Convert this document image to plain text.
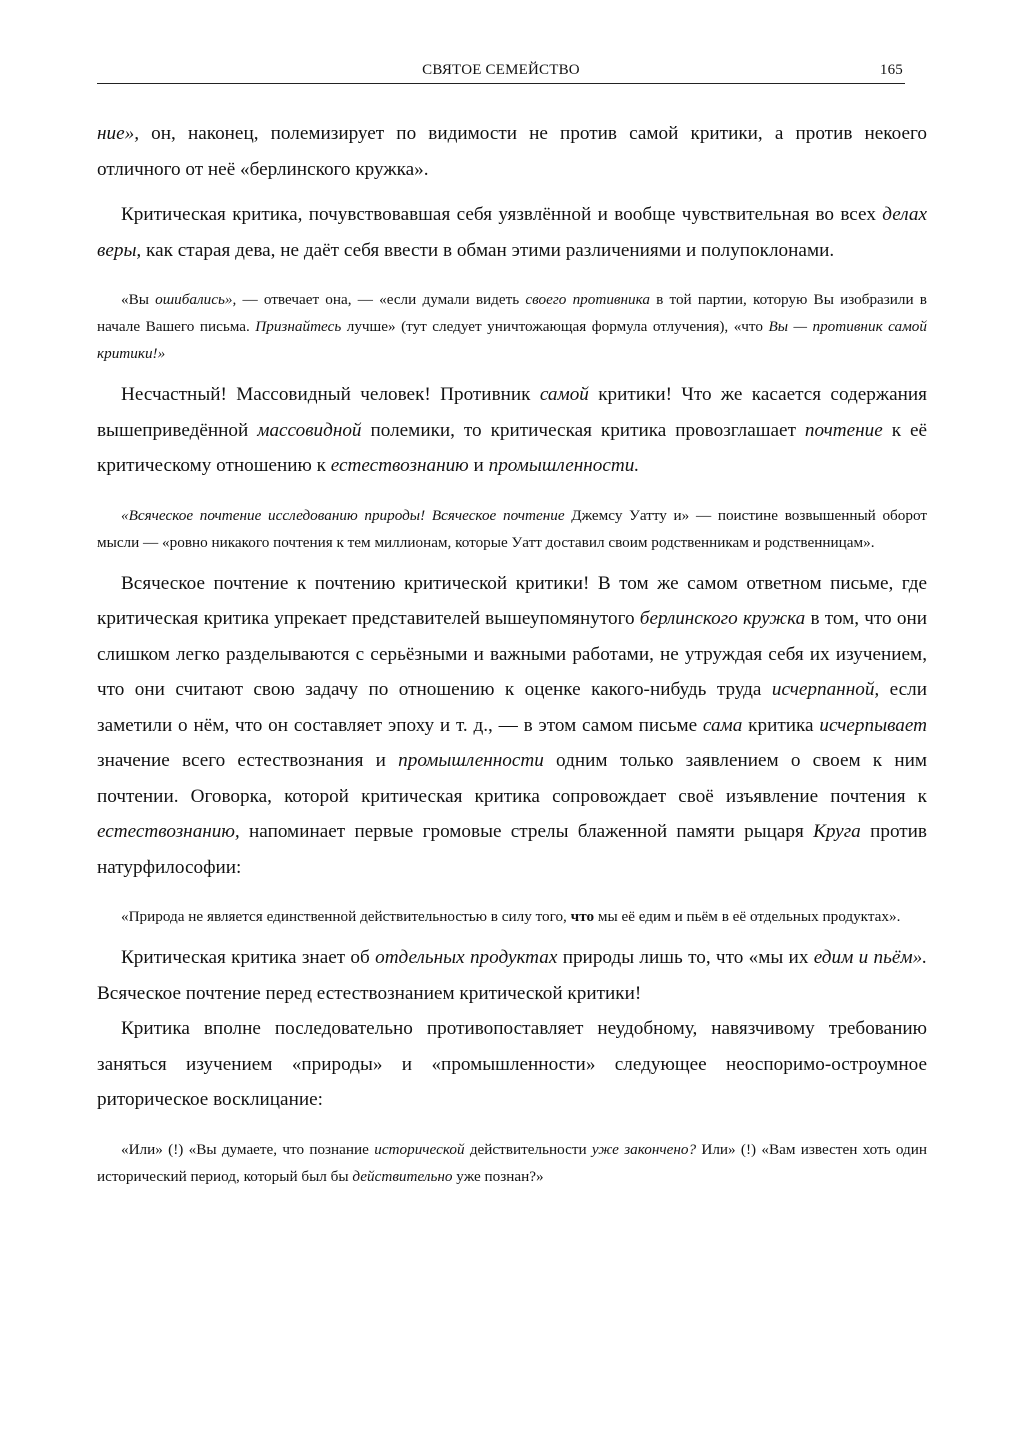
СВЯТОЕ СЕМЕЙСТВО	165

ние», он, наконец, полемизирует по видимости не против самой критики, а против некоего отличного от неё «берлинского кружка».

Критическая критика, почувствовавшая себя уязвлённой и вообще чувствительная во всех делах веры, как старая дева, не даёт себя ввести в обман этими различениями и полупоклонами.

«Вы ошибались», — отвечает она, — «если думали видеть своего противника в той партии, которую Вы изобразили в начале Вашего письма. Признайтесь лучше» (тут следует уничтожающая формула отлучения), «что Вы — противник самой критики!»

Несчастный! Массовидный человек! Противник самой критики! Что же касается содержания вышеприведённой массовидной полемики, то критическая критика провозглашает почтение к её критическому отношению к естествознанию и промышленности.

«Всяческое почтение исследованию природы! Всяческое почтение Джемсу Уатту и» — поистине возвышенный оборот мысли — «ровно никакого почтения к тем миллионам, которые Уатт доставил своим родственникам и родственницам».

Всяческое почтение к почтению критической критики! В том же самом ответном письме, где критическая критика упрекает представителей вышеупомянутого берлинского кружка в том, что они слишком легко разделываются с серьёзными и важными работами, не утруждая себя их изучением, что они считают свою задачу по отношению к оценке какого-нибудь труда исчерпанной, если заметили о нём, что он составляет эпоху и т. д., — в этом самом письме сама критика исчерпывает значение всего естествознания и промышленности одним только заявлением о своем к ним почтении. Оговорка, которой критическая критика сопровождает своё изъявление почтения к естествознанию, напоминает первые громовые стрелы блаженной памяти рыцаря Круга против натурфилософии:

«Природа не является единственной действительностью в силу того, что мы её едим и пьём в её отдельных продуктах».

Критическая критика знает об отдельных продуктах природы лишь то, что «мы их едим и пьём». Всяческое почтение перед естествознанием критической критики!

Критика вполне последовательно противопоставляет неудобному, навязчивому требованию заняться изучением «природы» и «промышленности» следующее неоспоримо-остроумное риторическое восклицание:

«Или» (!) «Вы думаете, что познание исторической действительности уже закончено? Или» (!) «Вам известен хоть один исторический период, который был бы действительно уже познан?»
